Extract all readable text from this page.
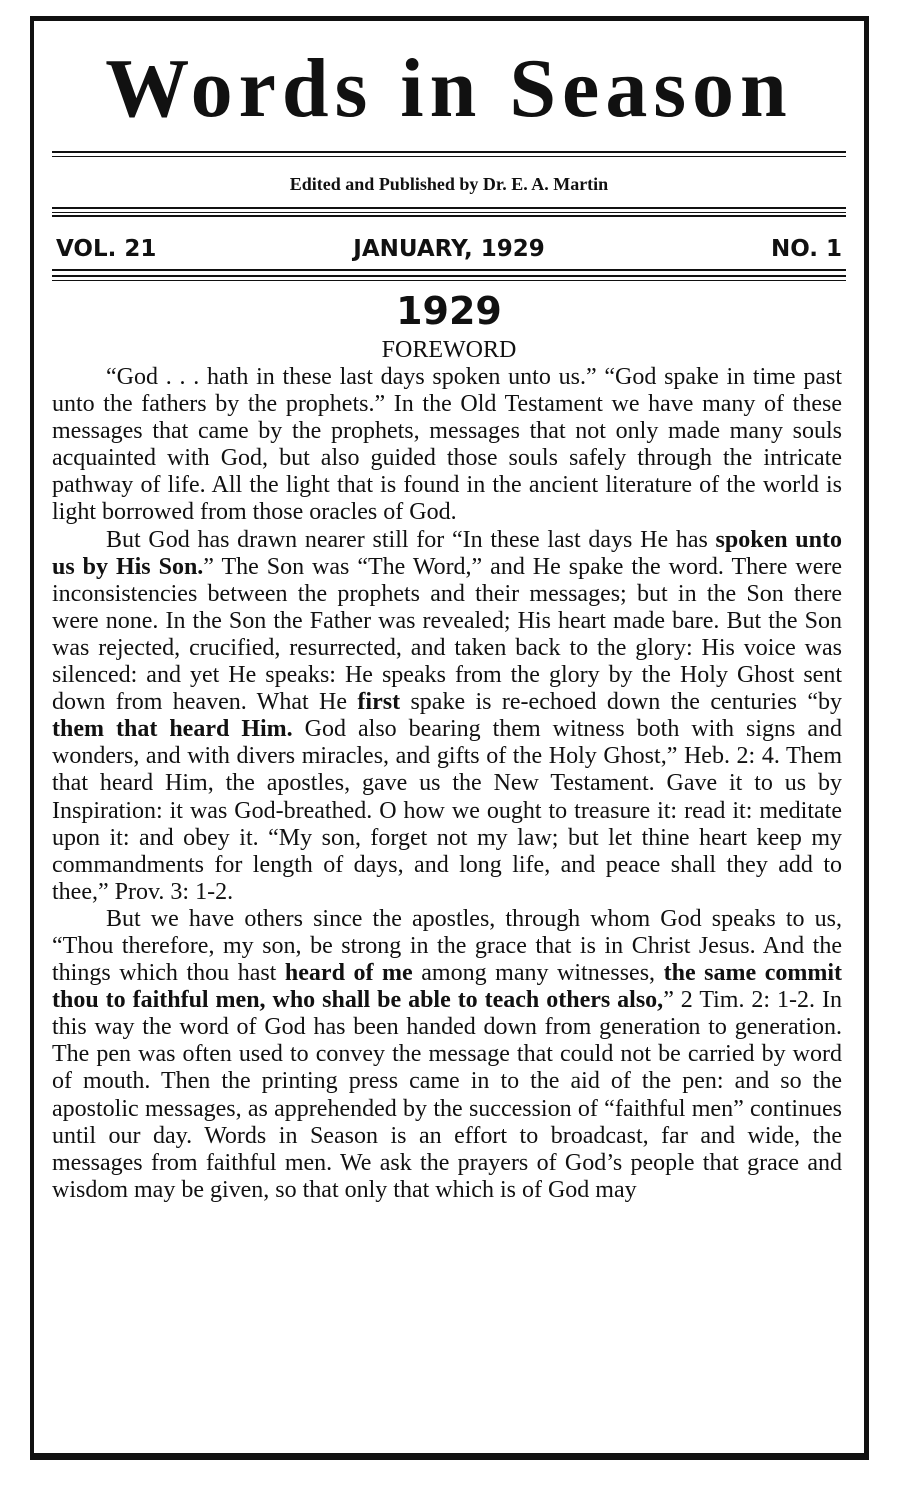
Words in Season
Edited and Published by Dr. E. A. Martin
VOL. 21	JANUARY, 1929	NO. 1
1929
FOREWORD

“God . . . hath in these last days spoken unto us.” “God spake in time past unto the fathers by the prophets.” In the Old Testament we have many of these messages that came by the prophets, messages that not only made many souls acquainted with God, but also guided those souls safely through the intricate pathway of life. All the light that is found in the ancient literature of the world is light borrowed from those oracles of God.

But God has drawn nearer still for “In these last days He has spoken unto us by His Son.” The Son was “The Word,” and He spake the word. There were inconsistencies between the prophets and their messages; but in the Son there were none. In the Son the Father was revealed; His heart made bare. But the Son was rejected, crucified, resurrected, and taken back to the glory: His voice was silenced: and yet He speaks: He speaks from the glory by the Holy Ghost sent down from heaven. What He first spake is re-echoed down the centuries “by them that heard Him. God also bearing them witness both with signs and wonders, and with divers miracles, and gifts of the Holy Ghost,” Heb. 2: 4. Them that heard Him, the apostles, gave us the New Testament. Gave it to us by Inspiration: it was God-breathed. O how we ought to treasure it: read it: meditate upon it: and obey it. “My son, forget not my law; but let thine heart keep my commandments for length of days, and long life, and peace shall they add to thee,” Prov. 3: 1-2.

But we have others since the apostles, through whom God speaks to us, “Thou therefore, my son, be strong in the grace that is in Christ Jesus. And the things which thou hast heard of me among many witnesses, the same commit thou to faithful men, who shall be able to teach others also,” 2 Tim. 2: 1-2. In this way the word of God has been handed down from generation to generation. The pen was often used to convey the message that could not be carried by word of mouth. Then the printing press came in to the aid of the pen: and so the apostolic messages, as apprehended by the succession of “faithful men” continues until our day. Words in Season is an effort to broadcast, far and wide, the messages from faithful men. We ask the prayers of God’s people that grace and wisdom may be given, so that only that which is of God may
